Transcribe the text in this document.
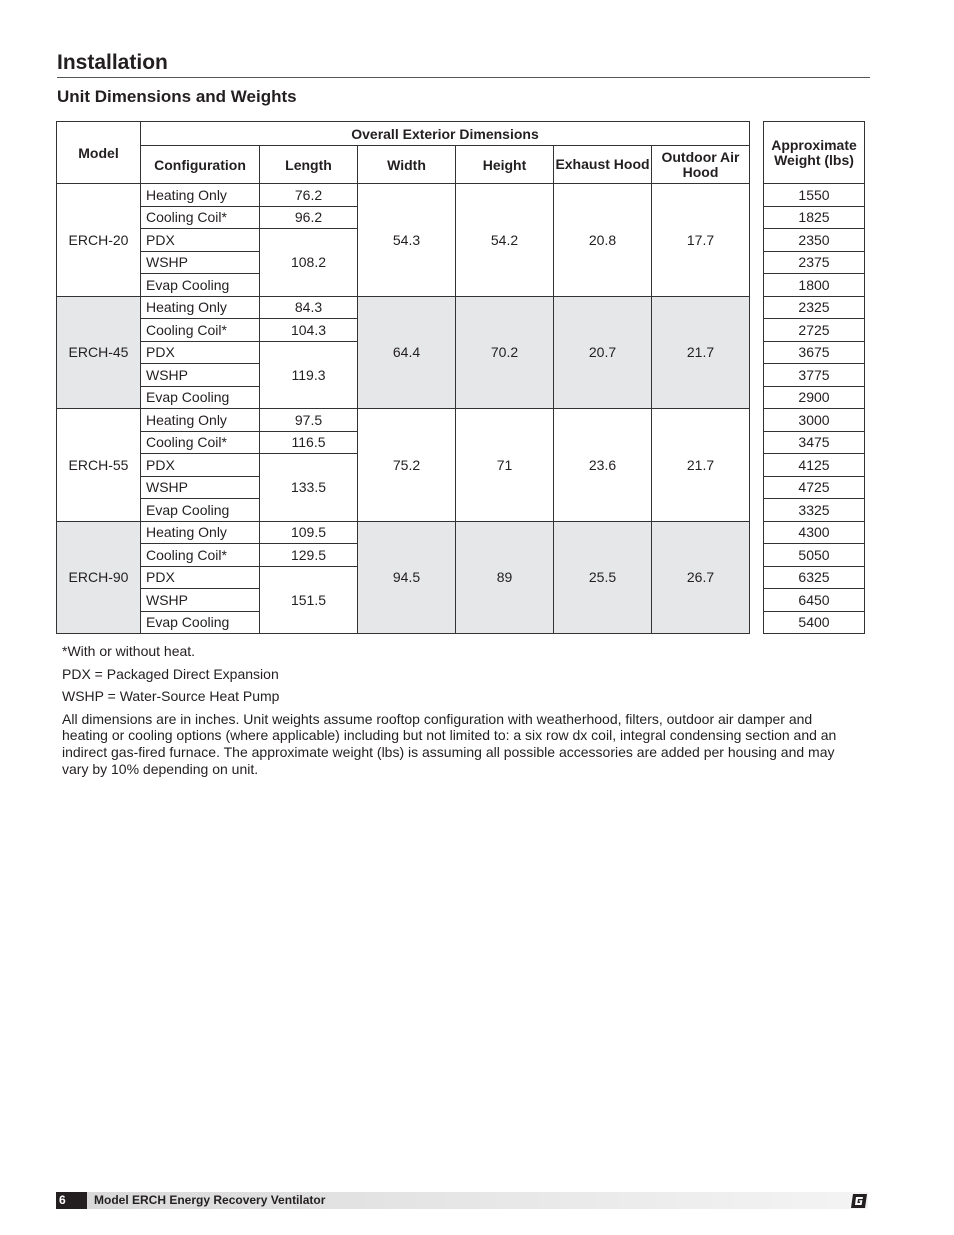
Installation
Unit Dimensions and Weights
Model	Overall Exterior Dimensions							Approximate Weight (lbs)
	Configuration	Length	Width	Height	Exhaust Hood	Outdoor Air Hood		
ERCH-20	Heating Only	76.2	54.3	54.2	20.8	17.7		1550
	Cooling Coil*	96.2						1825
	PDX	108.2						2350
	WSHP							2375
	Evap Cooling							1800
ERCH-45	Heating Only	84.3	64.4	70.2	20.7	21.7		2325
	Cooling Coil*	104.3						2725
	PDX	119.3						3675
	WSHP							3775
	Evap Cooling							2900
ERCH-55	Heating Only	97.5	75.2	71	23.6	21.7		3000
	Cooling Coil*	116.5						3475
	PDX	133.5						4125
	WSHP							4725
	Evap Cooling							3325
ERCH-90	Heating Only	109.5	94.5	89	25.5	26.7		4300
	Cooling Coil*	129.5						5050
	PDX	151.5						6325
	WSHP							6450
	Evap Cooling							5400

*With or without heat.

PDX = Packaged Direct Expansion

WSHP = Water-Source Heat Pump

All dimensions are in inches. Unit weights assume rooftop configuration with weatherhood, filters, outdoor air damper and heating or cooling options (where applicable) including but not limited to: a six row dx coil, integral condensing section and an indirect gas-fired furnace. The approximate weight (lbs) is assuming all possible accessories are added per housing and may vary by 10% depending on unit.

6	Model ERCH Energy Recovery Ventilator
